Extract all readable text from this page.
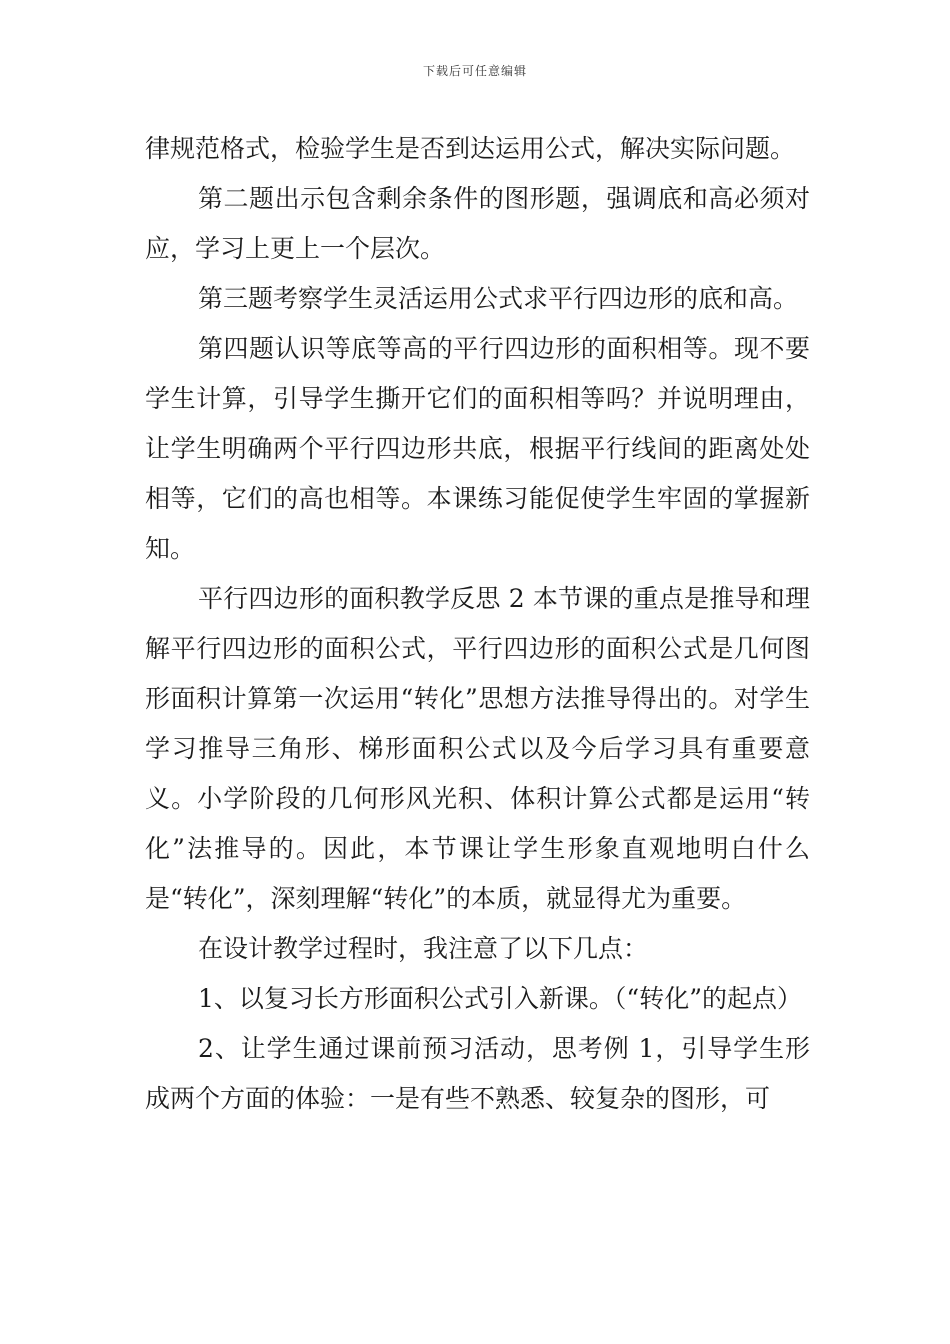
下载后可任意编辑

律规范格式，检验学生是否到达运用公式，解决实际问题。

第二题出示包含剩余条件的图形题，强调底和高必须对应，学习上更上一个层次。

第三题考察学生灵活运用公式求平行四边形的底和高。

第四题认识等底等高的平行四边形的面积相等。现不要学生计算，引导学生撕开它们的面积相等吗？并说明理由，让学生明确两个平行四边形共底，根据平行线间的距离处处相等，它们的高也相等。本课练习能促使学生牢固的掌握新知。

平行四边形的面积教学反思 2 本节课的重点是推导和理解平行四边形的面积公式，平行四边形的面积公式是几何图形面积计算第一次运用“转化”思想方法推导得出的。对学生学习推导三角形、梯形面积公式以及今后学习具有重要意义。小学阶段的几何形风光积、体积计算公式都是运用“转化”法推导的。因此，本节课让学生形象直观地明白什么是“转化”，深刻理解“转化”的本质，就显得尤为重要。

在设计教学过程时，我注意了以下几点：

1、以复习长方形面积公式引入新课。（“转化”的起点）

2、让学生通过课前预习活动，思考例 1，引导学生形成两个方面的体验：一是有些不熟悉、较复杂的图形，可
